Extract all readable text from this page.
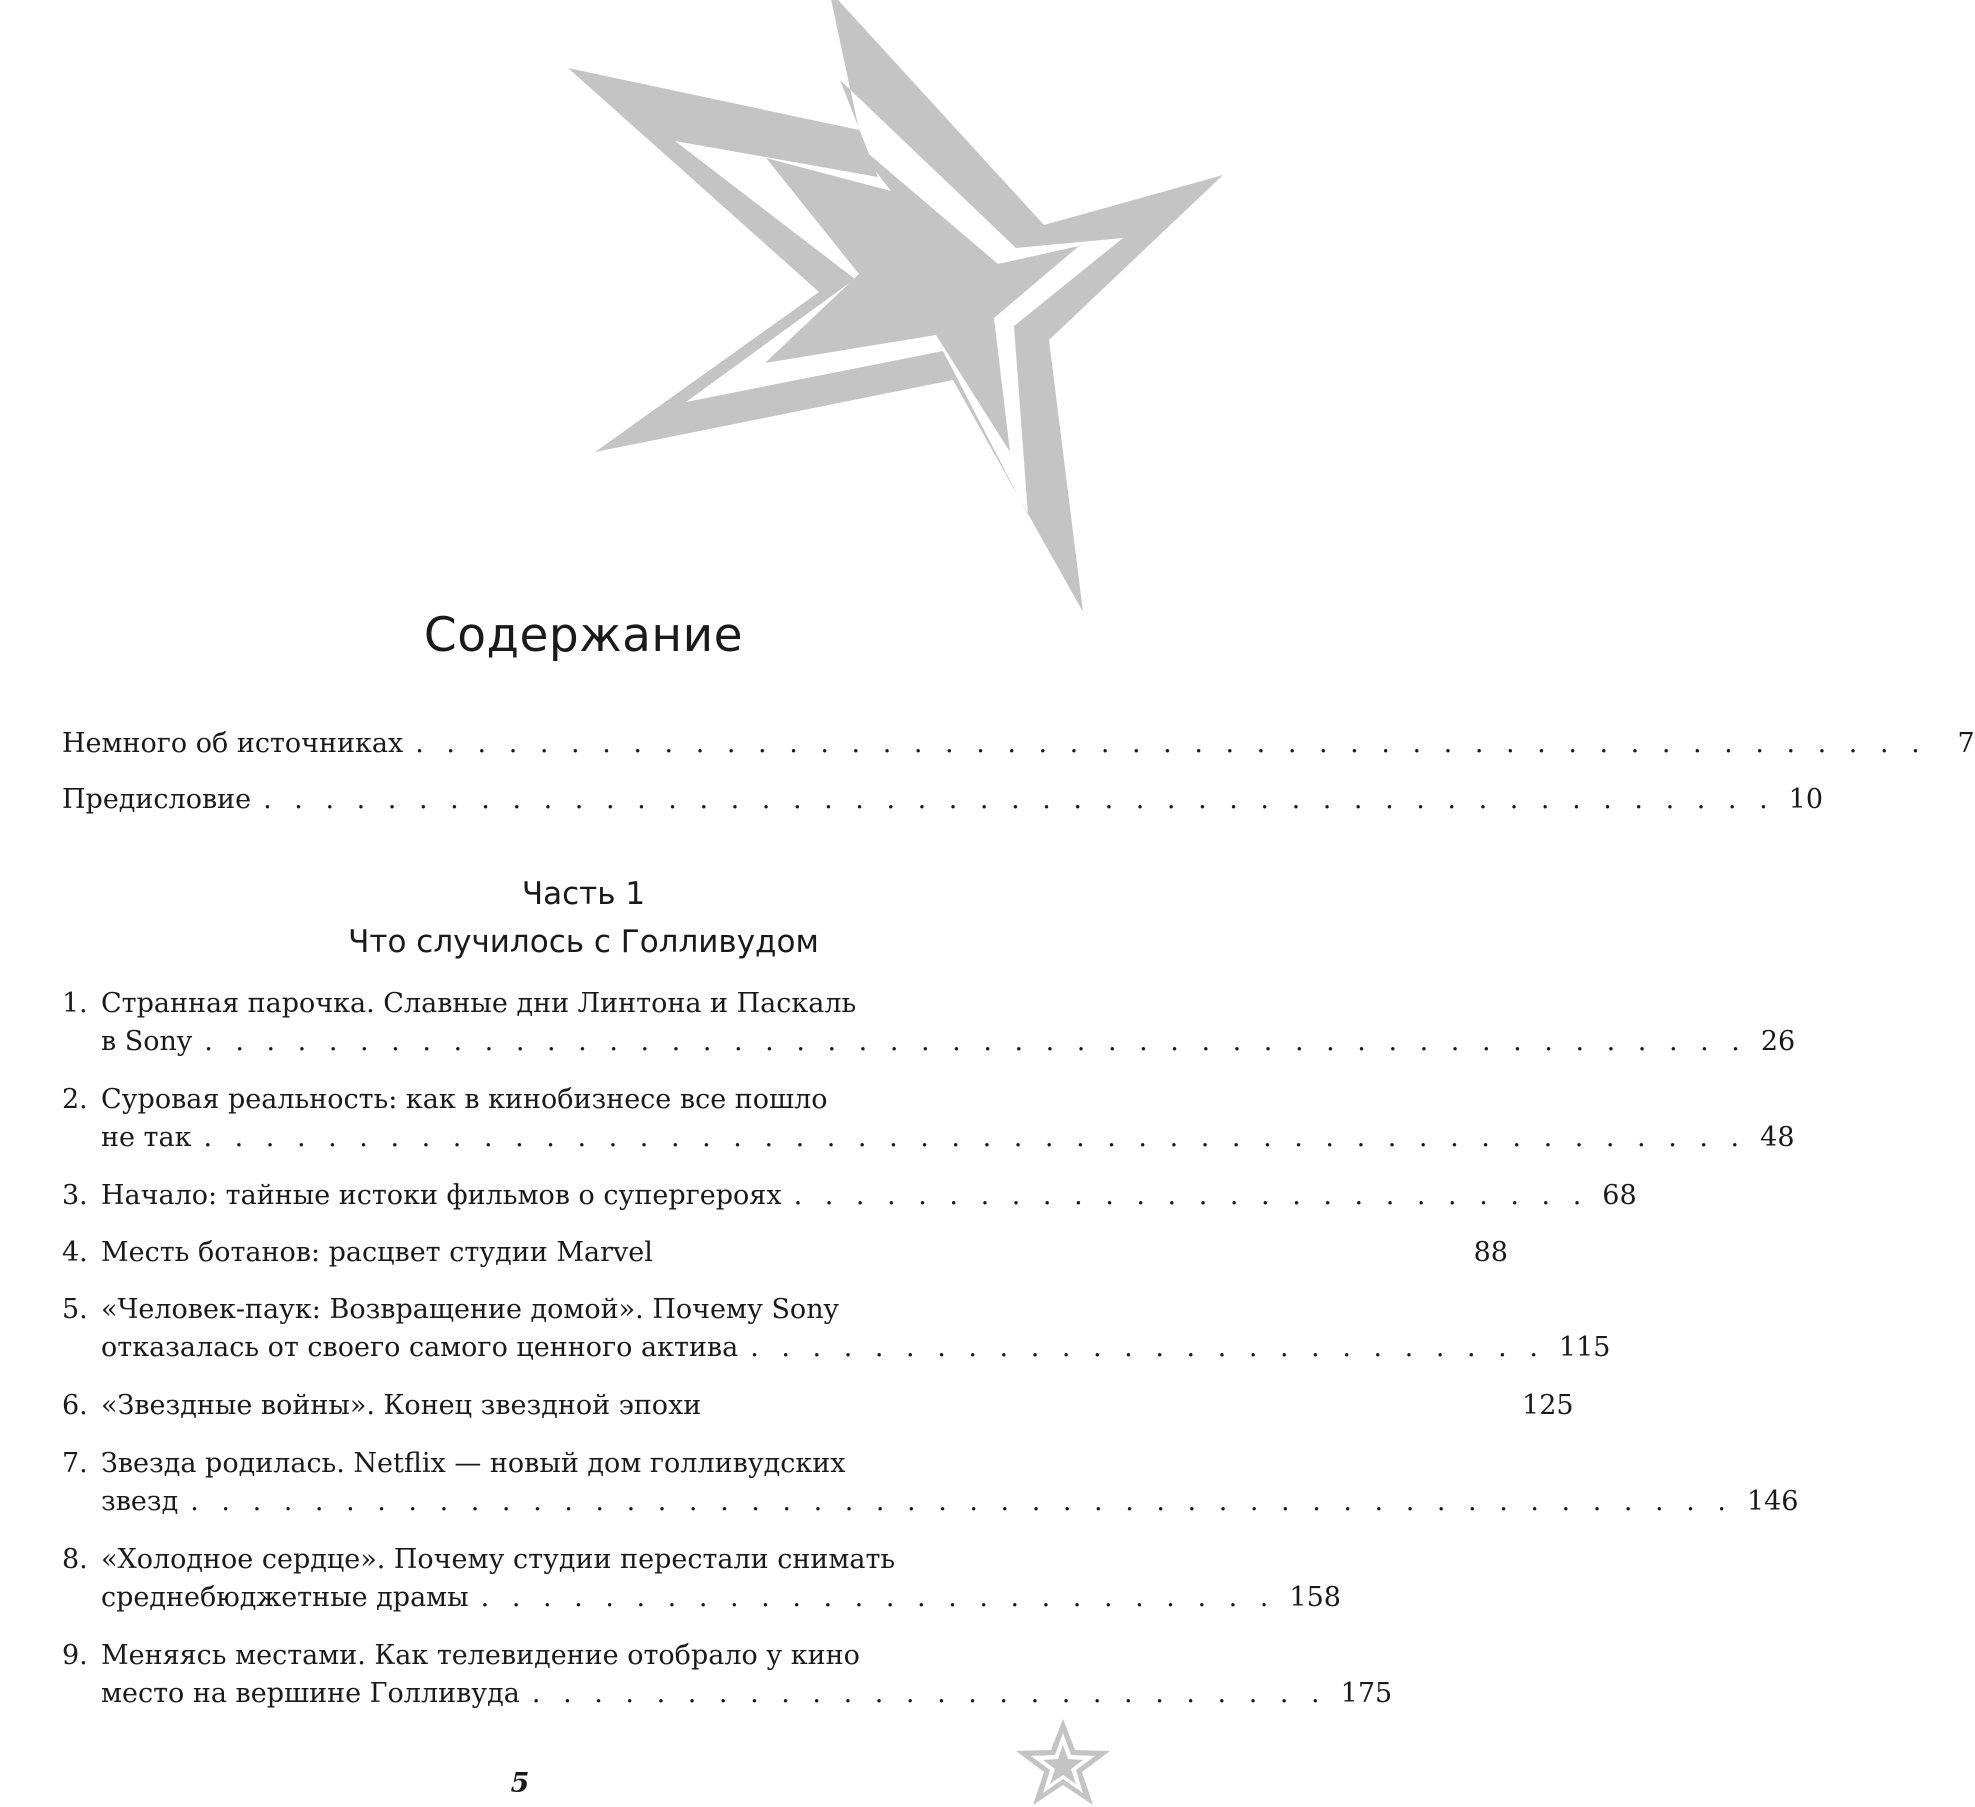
Содержание
Немного об источниках . . . . . . . . . . . . . . . . . . . . . . . . . . . . . . . . . . . . . . . . . . . . . . . . .	7
Предисловие . . . . . . . . . . . . . . . . . . . . . . . . . . . . . . . . . . . . . . . . . . . . . . . . . 10
Часть 1
Что случилось с Голливудом
1. Странная парочка. Славные дни Линтона и Паскаль
в Sony . . . . . . . . . . . . . . . . . . . . . . . . . . . . . . . . . . . . . . . . . . . . . . . . . . 26
2. Суровая реальность: как в кинобизнесе все пошло
не так . . . . . . . . . . . . . . . . . . . . . . . . . . . . . . . . . . . . . . . . . . . . . . . . . . 48
3. Начало: тайные истоки фильмов о супергероях . . . . . . . . . . . . . . . . . . . . . . . . . . 68
4. Месть ботанов: расцвет студии Marvel	88
5. «Человек-паук: Возвращение домой». Почему Sony
отказалась от своего самого ценного актива . . . . . . . . . . . . . . . . . . . . . . . . . . 115
6. «Звездные войны». Конец звездной эпохи	125
7. Звезда родилась. Netflix — новый дом голливудских
звезд . . . . . . . . . . . . . . . . . . . . . . . . . . . . . . . . . . . . . . . . . . . . . . . . . . 146
8. «Холодное сердце». Почему студии перестали снимать
среднебюджетные драмы . . . . . . . . . . . . . . . . . . . . . . . . . . 158
9. Меняясь местами. Как телевидение отобрало у кино
место на вершине Голливуда . . . . . . . . . . . . . . . . . . . . . . . . . . 175
5
